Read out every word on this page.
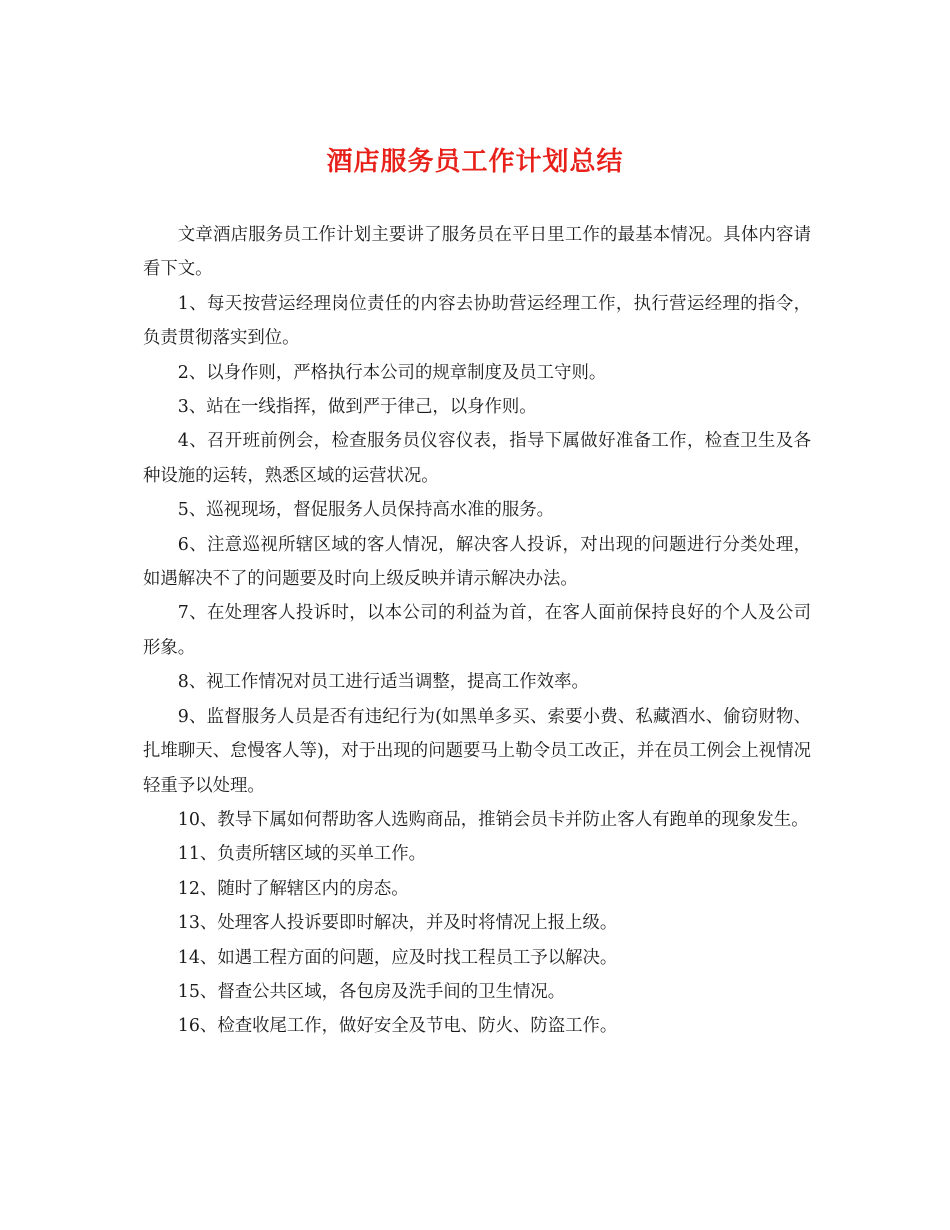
酒店服务员工作计划总结

文章酒店服务员工作计划主要讲了服务员在平日里工作的最基本情况。具体内容请看下文。

1、每天按营运经理岗位责任的内容去协助营运经理工作，执行营运经理的指令，负责贯彻落实到位。

2、以身作则，严格执行本公司的规章制度及员工守则。

3、站在一线指挥，做到严于律己，以身作则。

4、召开班前例会，检查服务员仪容仪表，指导下属做好准备工作，检查卫生及各种设施的运转，熟悉区域的运营状况。

5、巡视现场，督促服务人员保持高水准的服务。

6、注意巡视所辖区域的客人情况，解决客人投诉，对出现的问题进行分类处理，如遇解决不了的问题要及时向上级反映并请示解决办法。

7、在处理客人投诉时，以本公司的利益为首，在客人面前保持良好的个人及公司形象。

8、视工作情况对员工进行适当调整，提高工作效率。

9、监督服务人员是否有违纪行为(如黑单多买、索要小费、私藏酒水、偷窃财物、扎堆聊天、怠慢客人等)，对于出现的问题要马上勒令员工改正，并在员工例会上视情况轻重予以处理。

10、教导下属如何帮助客人选购商品，推销会员卡并防止客人有跑单的现象发生。

11、负责所辖区域的买单工作。

12、随时了解辖区内的房态。

13、处理客人投诉要即时解决，并及时将情况上报上级。

14、如遇工程方面的问题，应及时找工程员工予以解决。

15、督查公共区域，各包房及洗手间的卫生情况。

16、检查收尾工作，做好安全及节电、防火、防盗工作。
